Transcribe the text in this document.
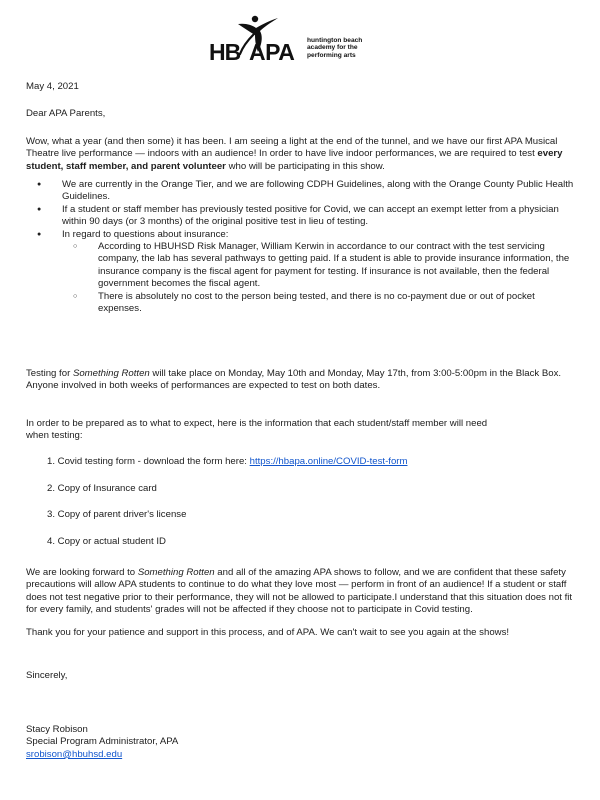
HB APA huntington beach
academy for the
performing arts

May 4, 2021

Dear APA Parents,

Wow, what a year (and then some) it has been. I am seeing a light at the end of the tunnel, and we have our first APA Musical Theatre live performance — indoors with an audience! In order to have live indoor performances, we are required to test every student, staff member, and parent volunteer who will be participating in this show.

● We are currently in the Orange Tier, and we are following CDPH Guidelines, along with the Orange County Public Health Guidelines.
● If a student or staff member has previously tested positive for Covid, we can accept an exempt letter from a physician within 90 days (or 3 months) of the original positive test in lieu of testing.
● In regard to questions about insurance:
○ According to HBUHSD Risk Manager, William Kerwin in accordance to our contract with the test servicing company, the lab has several pathways to getting paid. If a student is able to provide insurance information, the insurance company is the fiscal agent for payment for testing. If insurance is not available, then the federal government becomes the fiscal agent.
○ There is absolutely no cost to the person being tested, and there is no co-payment due or out of pocket expenses.

Testing for Something Rotten will take place on Monday, May 10th and Monday, May 17th, from 3:00-5:00pm in the Black Box. Anyone involved in both weeks of performances are expected to test on both dates.

In order to be prepared as to what to expect, here is the information that each student/staff member will need when testing:

1. Covid testing form - download the form here: https://hbapa.online/COVID-test-form
2. Copy of Insurance card
3. Copy of parent driver's license
4. Copy or actual student ID

We are looking forward to Something Rotten and all of the amazing APA shows to follow, and we are confident that these safety precautions will allow APA students to continue to do what they love most — perform in front of an audience! If a student or staff does not test negative prior to their performance, they will not be allowed to participate.I understand that this situation does not fit for every family, and students' grades will not be affected if they choose not to participate in Covid testing.

Thank you for your patience and support in this process, and of APA. We can't wait to see you again at the shows!

Sincerely,

Stacy Robison
Special Program Administrator, APA
srobison@hbuhsd.edu
